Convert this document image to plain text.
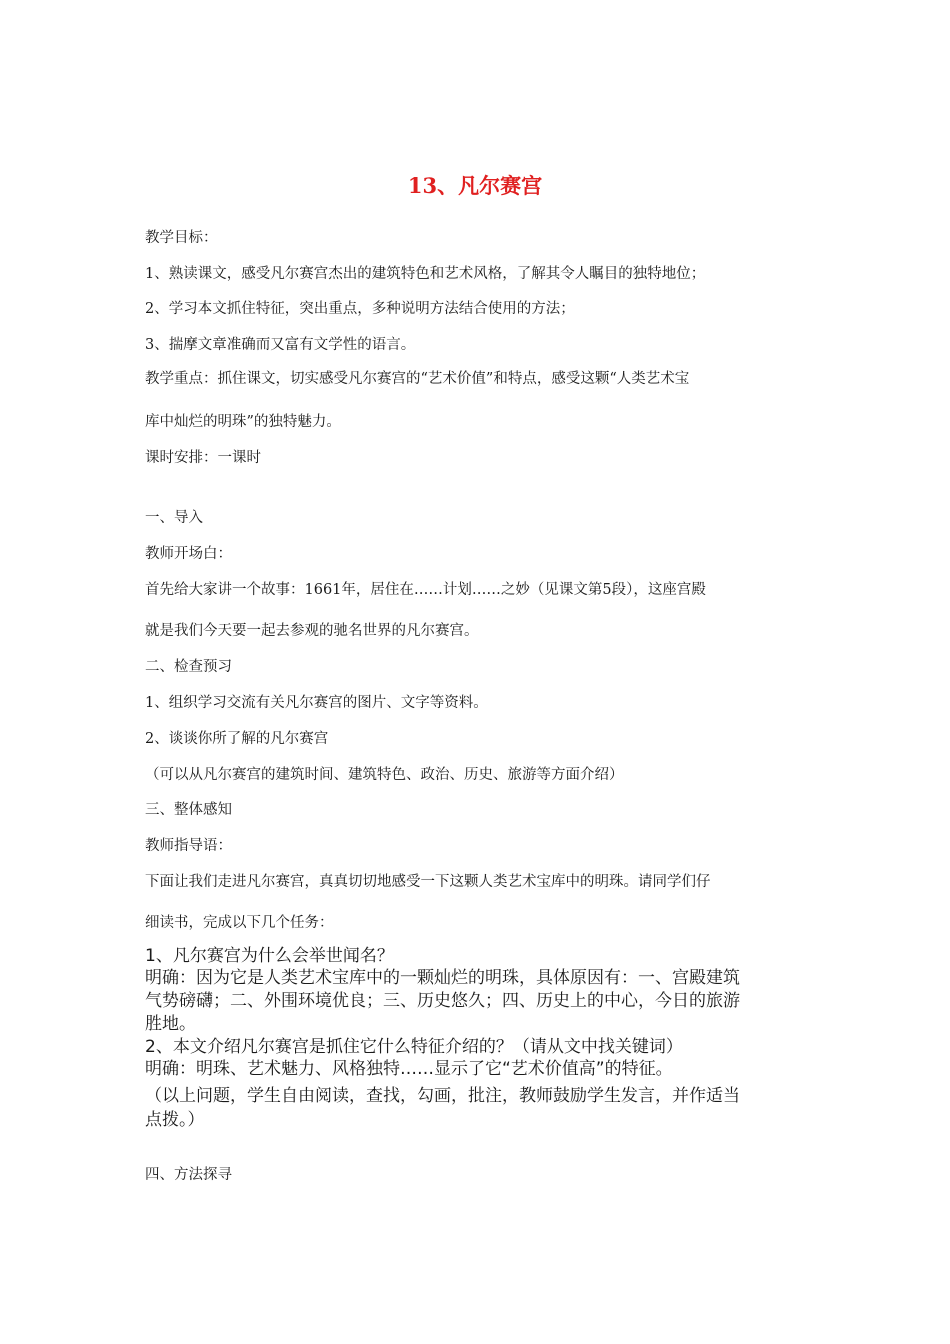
13、凡尔赛宫
教学目标：
1、熟读课文，感受凡尔赛宫杰出的建筑特色和艺术风格，了解其令人瞩目的独特地位；
2、学习本文抓住特征，突出重点，多种说明方法结合使用的方法；
3、揣摩文章准确而又富有文学性的语言。
教学重点：抓住课文，切实感受凡尔赛宫的“艺术价值”和特点，感受这颗“人类艺术宝
库中灿烂的明珠”的独特魅力。
课时安排：一课时
一、导入
教师开场白：
首先给大家讲一个故事：1661年，居住在……计划……之妙（见课文第5段），这座宫殿
就是我们今天要一起去参观的驰名世界的凡尔赛宫。
二、检查预习
1、组织学习交流有关凡尔赛宫的图片、文字等资料。
2、谈谈你所了解的凡尔赛宫
（可以从凡尔赛宫的建筑时间、建筑特色、政治、历史、旅游等方面介绍）
三、整体感知
教师指导语：
下面让我们走进凡尔赛宫，真真切切地感受一下这颗人类艺术宝库中的明珠。请同学们仔
细读书，完成以下几个任务：
1、凡尔赛宫为什么会举世闻名？
明确：因为它是人类艺术宝库中的一颗灿烂的明珠，具体原因有：一、宫殿建筑
气势磅礴；二、外围环境优良；三、历史悠久；四、历史上的中心，今日的旅游
胜地。
2、本文介绍凡尔赛宫是抓住它什么特征介绍的？（请从文中找关键词）
明确：明珠、艺术魅力、风格独特……显示了它“艺术价值高”的特征。
（以上问题，学生自由阅读，查找，勾画，批注，教师鼓励学生发言，并作适当
点拨。）
四、方法探寻
